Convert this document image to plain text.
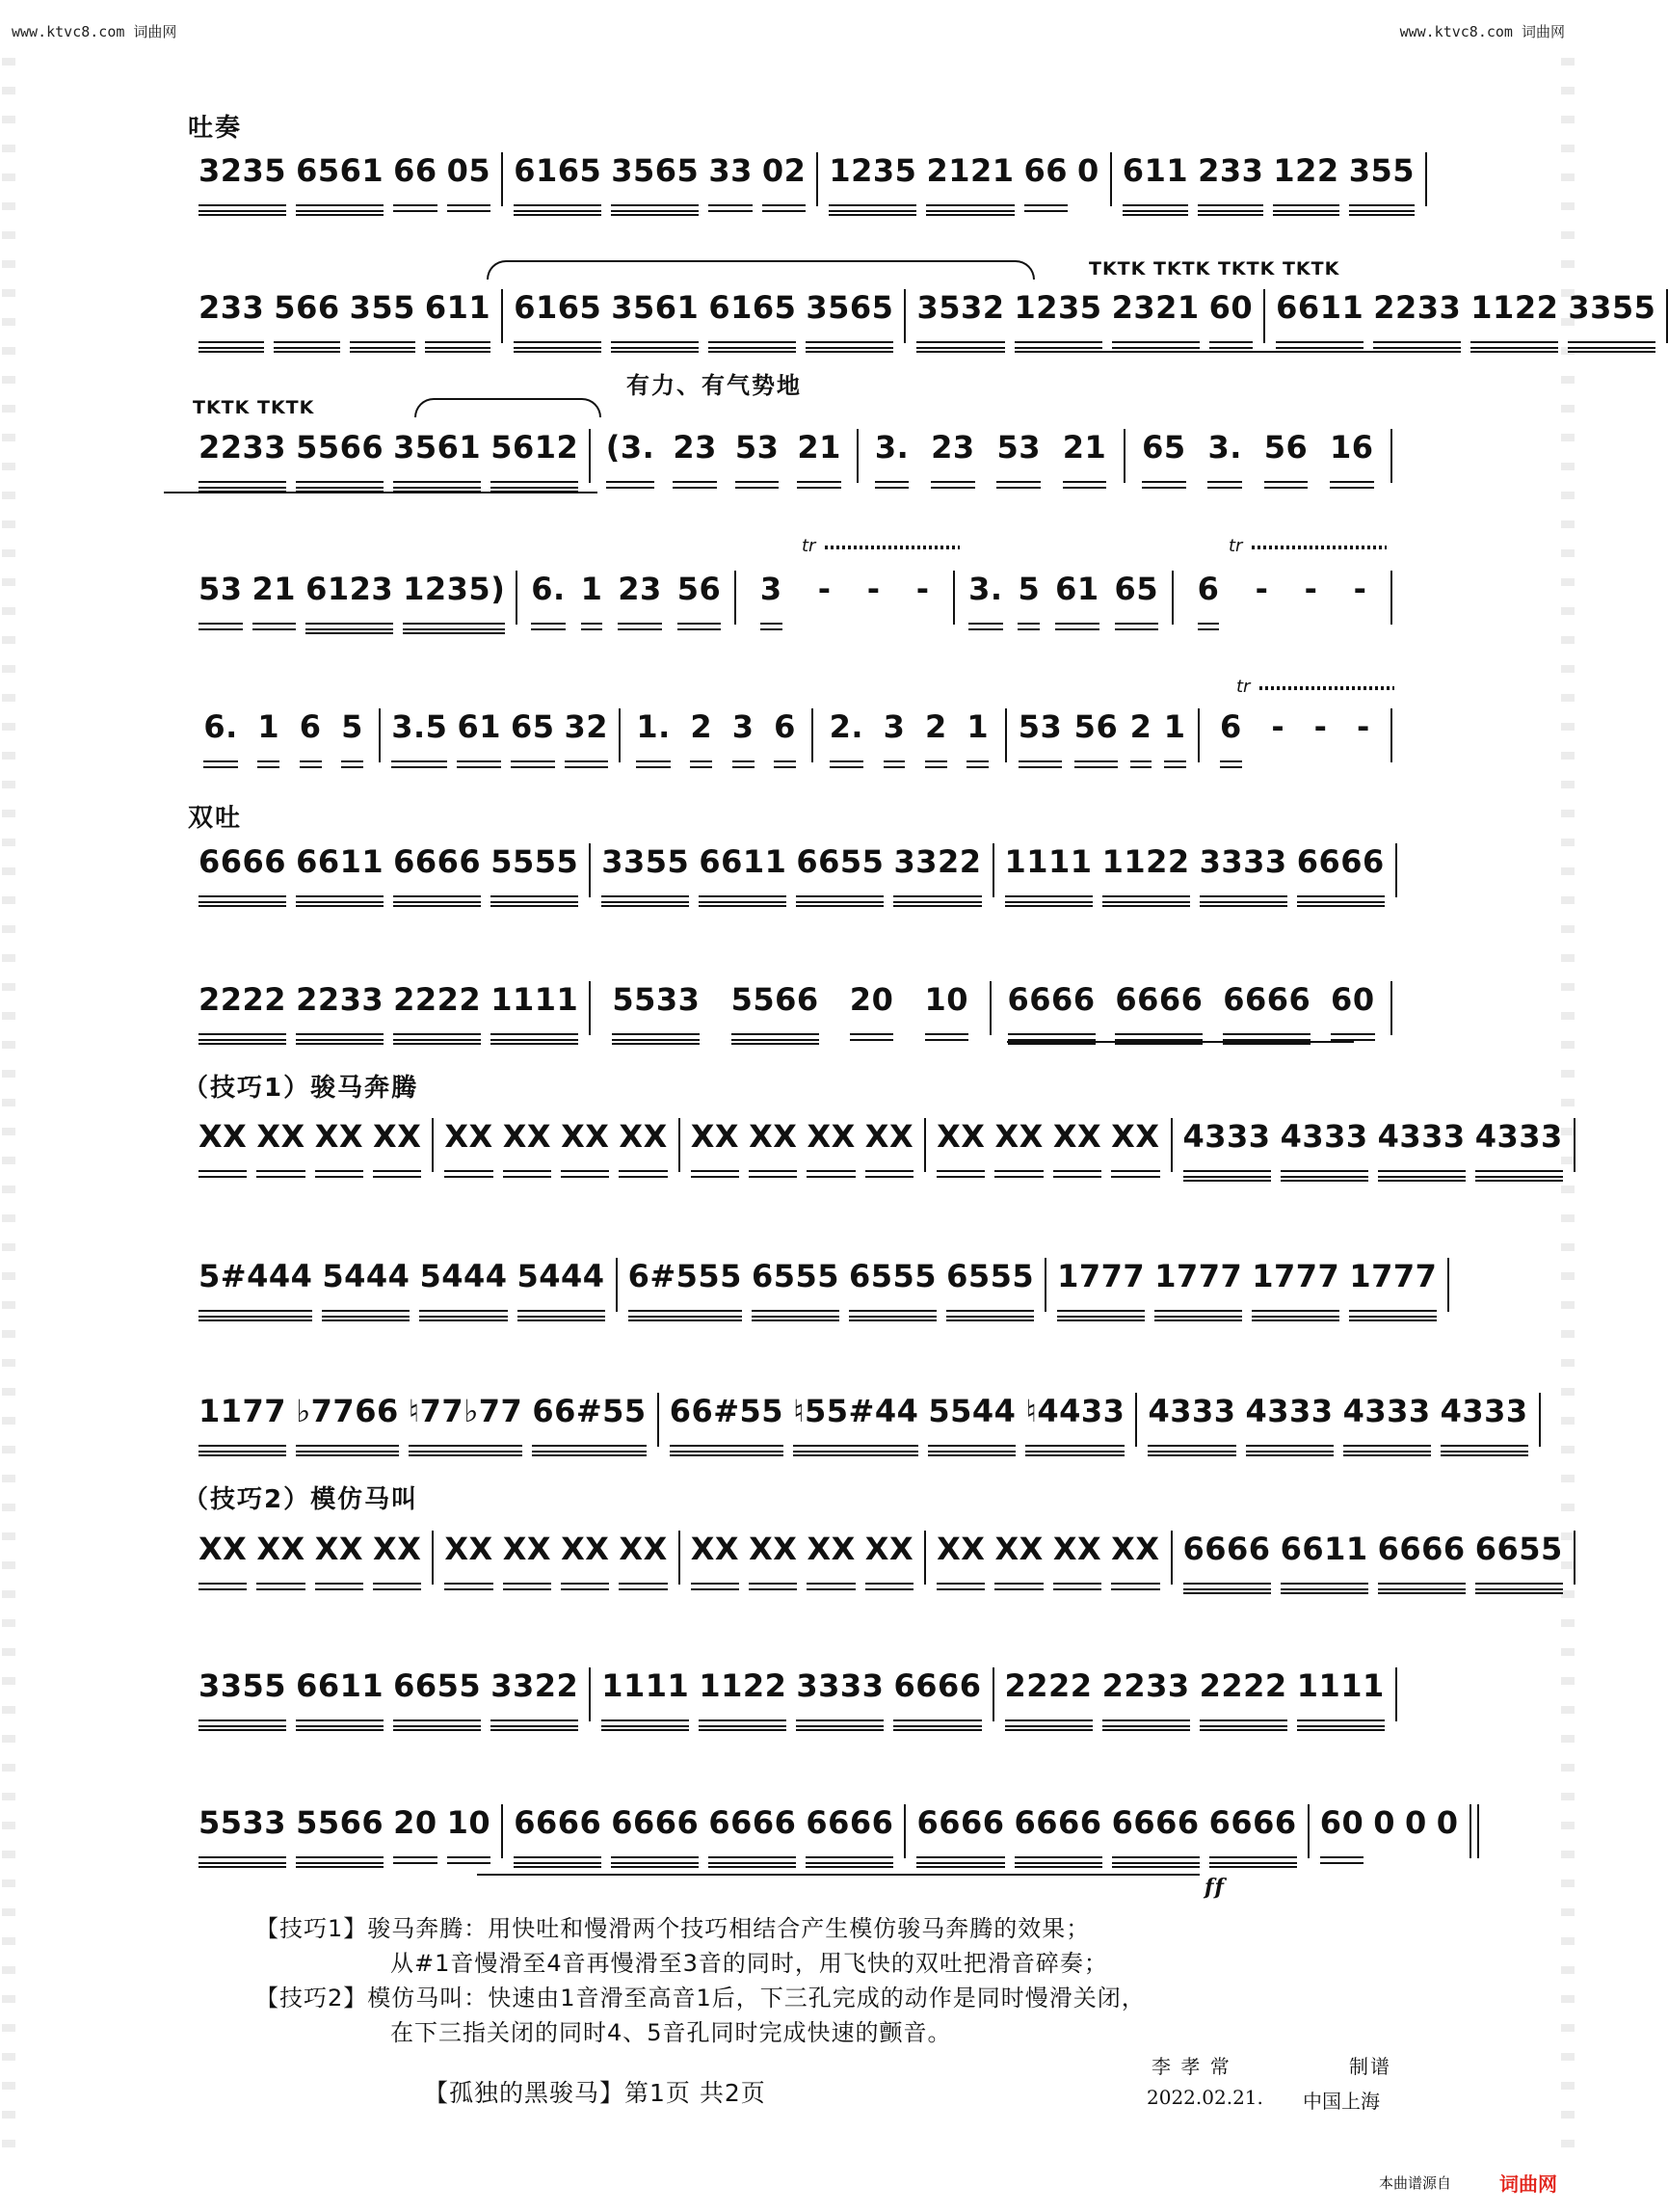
www.ktvc8.com 词曲网	www.ktvc8.com 词曲网
吐奏
TKTK TKTK TKTK TKTK
TKTK TKTK
有力、有气势地
双吐
（技巧1）骏马奔腾
（技巧2）模仿马叫
3235 6561 66 05 6165 3565 33 02 1235 2121 66 0 611 233 122 355
233 566 355 611 6165 3561 6165 3565 3532 1235 2321 60 6611 2233 1122 3355
2233 5566 3561 5612 (3. 23 53 21 3. 23 53 21 65 3. 56 16
53 21 6123 1235) 6. 1 23 56 3 - - - 3. 5 61 65 6 - - -
6. 1 6 5 3.5 61 65 32 1. 2 3 6 2. 3 2 1 53 56 2 1 6 - - -
6666 6611 6666 5555 3355 6611 6655 3322 1111 1122 3333 6666
2222 2233 2222 1111 5533 5566 20 10 6666 6666 6666 60
XX XX XX XX XX XX XX XX XX XX XX XX XX XX XX XX 4333 4333 4333 4333
5#444 5444 5444 5444 6#555 6555 6555 6555 1777 1777 1777 1777
1177 ♭7766 ♮77♭77 66#55 66#55 ♮55#44 5544 ♮4433 4333 4333 4333 4333
XX XX XX XX XX XX XX XX XX XX XX XX XX XX XX XX 6666 6611 6666 6655
3355 6611 6655 3322 1111 1122 3333 6666 2222 2233 2222 1111
5533 5566 20 10 6666 6666 6666 6666 6666 6666 6666 6666 60 0 0 0
tr	tr
tr
ff
【技巧1】骏马奔腾：用快吐和慢滑两个技巧相结合产生模仿骏马奔腾的效果；
从#1音慢滑至4音再慢滑至3音的同时，用飞快的双吐把滑音碎奏；
【技巧2】模仿马叫：快速由1音滑至高音1后，下三孔完成的动作是同时慢滑关闭，
在下三指关闭的同时4、5音孔同时完成快速的颤音。
李 孝 常	制谱
2022.02.21. 中国上海
【孤独的黑骏马】第1页 共2页
本曲谱源自	词曲网
